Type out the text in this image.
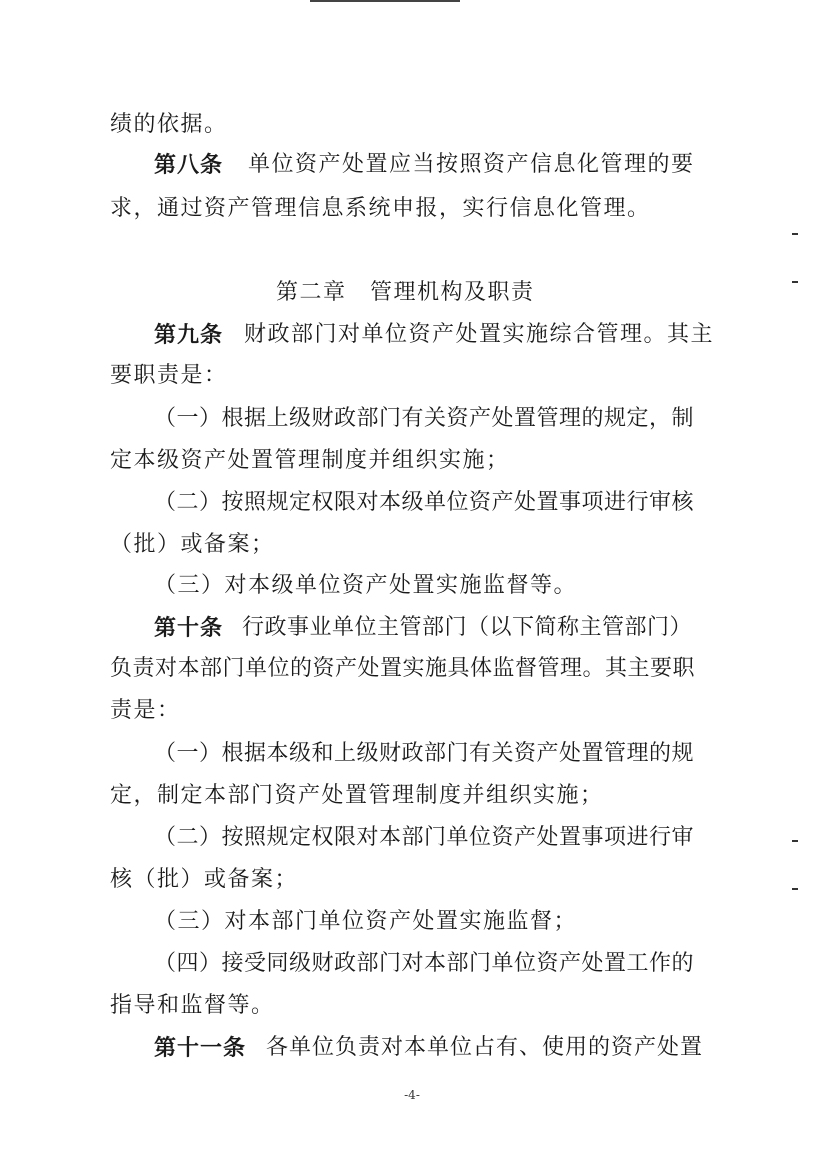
绩的依据。
第八条 单位资产处置应当按照资产信息化管理的要
求，通过资产管理信息系统申报，实行信息化管理。
第二章　管理机构及职责
第九条 财政部门对单位资产处置实施综合管理。其主
要职责是：
（一）根据上级财政部门有关资产处置管理的规定，制
定本级资产处置管理制度并组织实施；
（二）按照规定权限对本级单位资产处置事项进行审核
（批）或备案；
（三）对本级单位资产处置实施监督等。
第十条 行政事业单位主管部门（以下简称主管部门）
负责对本部门单位的资产处置实施具体监督管理。其主要职
责是：
（一）根据本级和上级财政部门有关资产处置管理的规
定，制定本部门资产处置管理制度并组织实施；
（二）按照规定权限对本部门单位资产处置事项进行审
核（批）或备案；
（三）对本部门单位资产处置实施监督；
（四）接受同级财政部门对本部门单位资产处置工作的
指导和监督等。
第十一条 各单位负责对本单位占有、使用的资产处置
-4-
